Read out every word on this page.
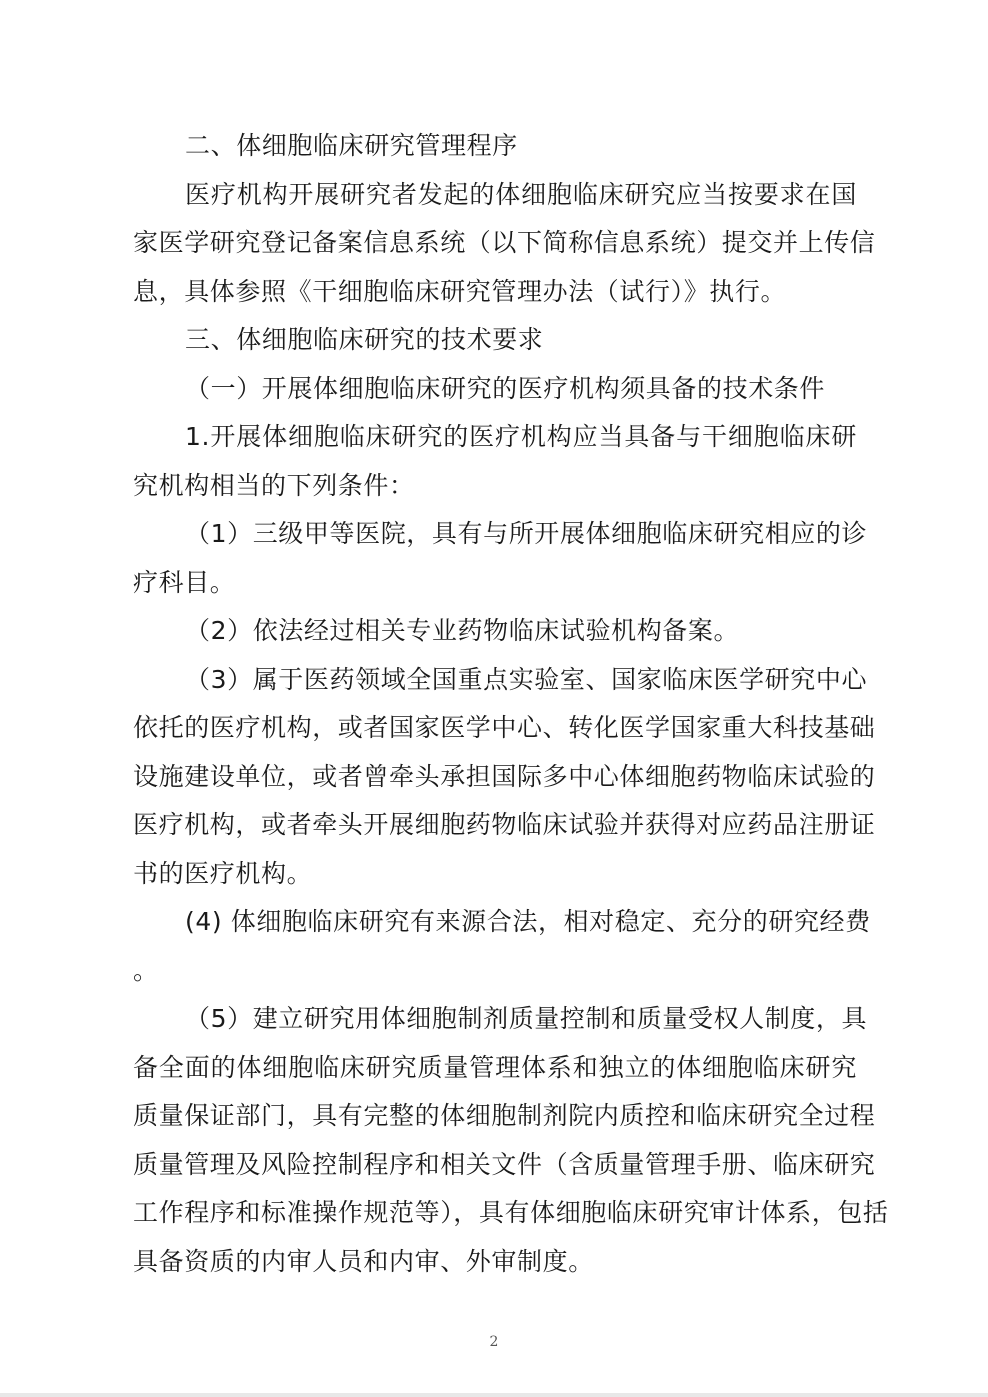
二、体细胞临床研究管理程序
医疗机构开展研究者发起的体细胞临床研究应当按要求在国
家医学研究登记备案信息系统（以下简称信息系统）提交并上传信
息，具体参照《干细胞临床研究管理办法（试行）》执行。
三、体细胞临床研究的技术要求
（一）开展体细胞临床研究的医疗机构须具备的技术条件
1.开展体细胞临床研究的医疗机构应当具备与干细胞临床研
究机构相当的下列条件：
（1）三级甲等医院，具有与所开展体细胞临床研究相应的诊
疗科目。
（2）依法经过相关专业药物临床试验机构备案。
（3）属于医药领域全国重点实验室、国家临床医学研究中心
依托的医疗机构，或者国家医学中心、转化医学国家重大科技基础
设施建设单位，或者曾牵头承担国际多中心体细胞药物临床试验的
医疗机构，或者牵头开展细胞药物临床试验并获得对应药品注册证
书的医疗机构。
(4) 体细胞临床研究有来源合法，相对稳定、充分的研究经费
。
（5）建立研究用体细胞制剂质量控制和质量受权人制度，具
备全面的体细胞临床研究质量管理体系和独立的体细胞临床研究
质量保证部门，具有完整的体细胞制剂院内质控和临床研究全过程
质量管理及风险控制程序和相关文件（含质量管理手册、临床研究
工作程序和标准操作规范等），具有体细胞临床研究审计体系，包括
具备资质的内审人员和内审、外审制度。
2
